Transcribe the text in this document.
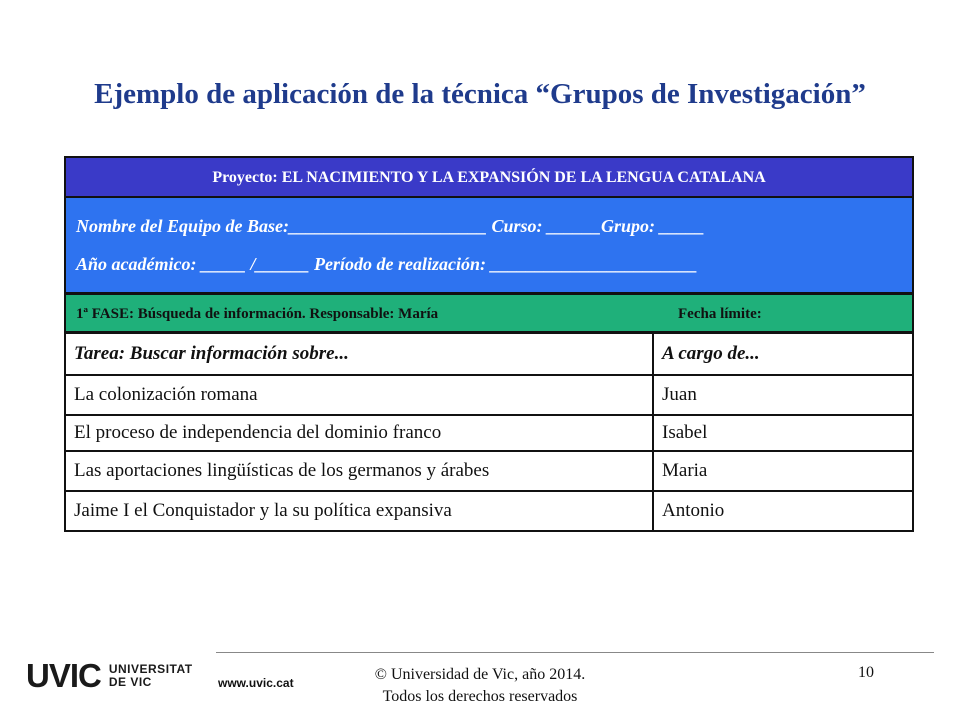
Ejemplo de aplicación de la técnica “Grupos de Investigación”
Proyecto: EL NACIMIENTO Y LA EXPANSIÓN DE LA LENGUA CATALANA
Nombre del Equipo de Base:______________________ Curso: ______Grupo: _____
Año académico: _____ /______ Período de realización: _______________________
1ª FASE: Búsqueda de información. Responsable: María	Fecha límite:
Tarea: Buscar información sobre...	A cargo de...
La colonización romana	Juan
El proceso de independencia del dominio franco	Isabel
Las aportaciones lingüísticas de los germanos y árabes	Maria
Jaime I el Conquistador y la su política expansiva	Antonio
UVIC UNIVERSITAT
DE VIC	www.uvic.cat	© Universidad de Vic, año 2014.
Todos los derechos reservados
10
